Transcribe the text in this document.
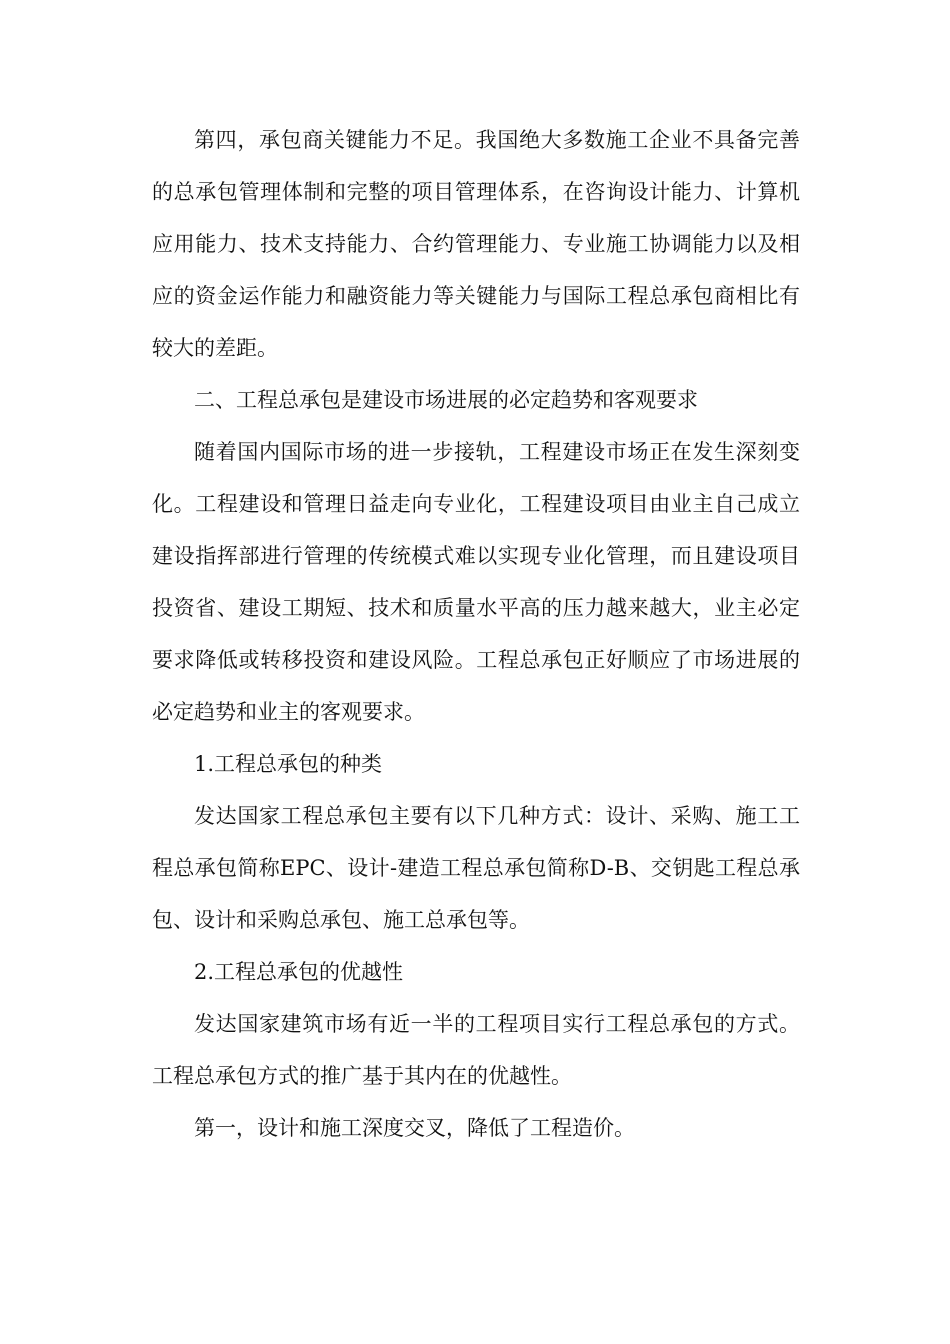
第四，承包商关键能力不足。我国绝大多数施工企业不具备完善的总承包管理体制和完整的项目管理体系，在咨询设计能力、计算机应用能力、技术支持能力、合约管理能力、专业施工协调能力以及相应的资金运作能力和融资能力等关键能力与国际工程总承包商相比有较大的差距。

二、工程总承包是建设市场进展的必定趋势和客观要求

随着国内国际市场的进一步接轨，工程建设市场正在发生深刻变化。工程建设和管理日益走向专业化，工程建设项目由业主自己成立建设指挥部进行管理的传统模式难以实现专业化管理，而且建设项目投资省、建设工期短、技术和质量水平高的压力越来越大，业主必定要求降低或转移投资和建设风险。工程总承包正好顺应了市场进展的必定趋势和业主的客观要求。

1.工程总承包的种类

发达国家工程总承包主要有以下几种方式：设计、采购、施工工程总承包简称EPC、设计-建造工程总承包简称D-B、交钥匙工程总承包、设计和采购总承包、施工总承包等。

2.工程总承包的优越性

发达国家建筑市场有近一半的工程项目实行工程总承包的方式。工程总承包方式的推广基于其内在的优越性。

第一，设计和施工深度交叉，降低了工程造价。
